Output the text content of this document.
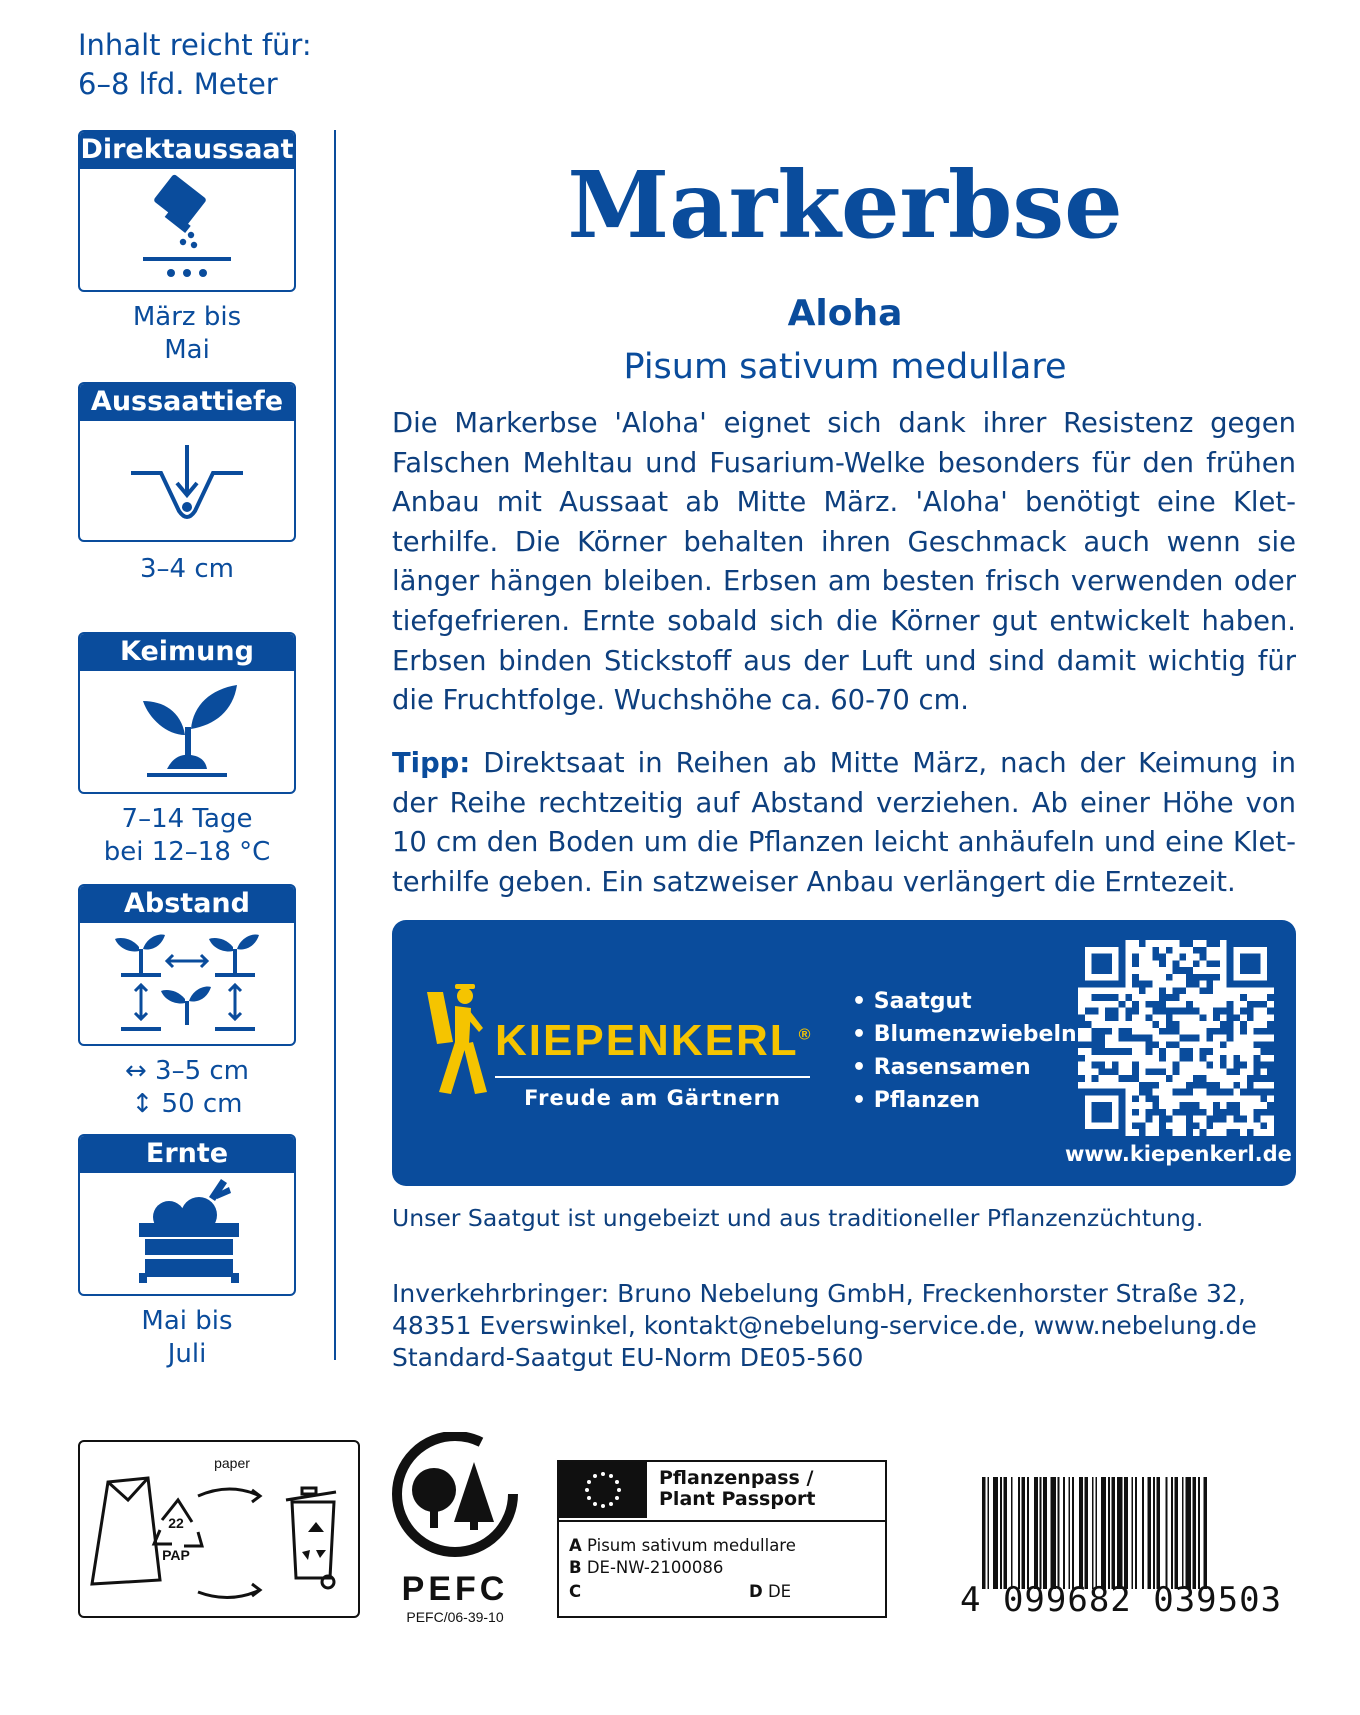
Inhalt reicht für:
6–8 lfd. Meter
Direktaussaat
März bis
Mai
Aussaattiefe
3–4 cm
Keimung
7–14 Tage
bei 12–18 °C
Abstand
↔ 3–5 cm
↕ 50 cm
Ernte
Mai bis
Juli
Markerbse
Aloha
Pisum sativum medullare
Die Markerbse 'Aloha' eignet sich dank ihrer Resistenz gegen Falschen Mehltau und Fusarium-Welke besonders für den frühen Anbau mit Aussaat ab Mitte März. 'Aloha' benötigt eine Kletterhilfe. Die Körner behalten ihren Geschmack auch wenn sie länger hängen bleiben. Erbsen am besten frisch verwenden oder tiefgefrieren. Ernte sobald sich die Körner gut entwickelt haben. Erbsen binden Stickstoff aus der Luft und sind damit wichtig für die Fruchtfolge. Wuchshöhe ca. 60-70 cm.
Tipp: Direktsaat in Reihen ab Mitte März, nach der Keimung in der Reihe rechtzeitig auf Abstand verziehen. Ab einer Höhe von 10 cm den Boden um die Pflanzen leicht anhäufeln und eine Kletterhilfe geben. Ein satzweiser Anbau verlängert die Erntezeit.
KIEPENKERL®
Freude am Gärtnern
• Saatgut
• Blumenzwiebeln
• Rasensamen
• Pflanzen
www.kiepenkerl.de
Unser Saatgut ist ungebeizt und aus traditioneller Pflanzenzüchtung.
Inverkehrbringer: Bruno Nebelung GmbH, Freckenhorster Straße 32,
48351 Everswinkel, kontakt@nebelung-service.de, www.nebelung.de
Standard-Saatgut EU-Norm DE05-560
paper
22
PAP
PEFC
PEFC/06-39-10
Pflanzenpass /
Plant Passport
A Pisum sativum medullare
B DE-NW-2100086
C	D DE	4 099682 039503
